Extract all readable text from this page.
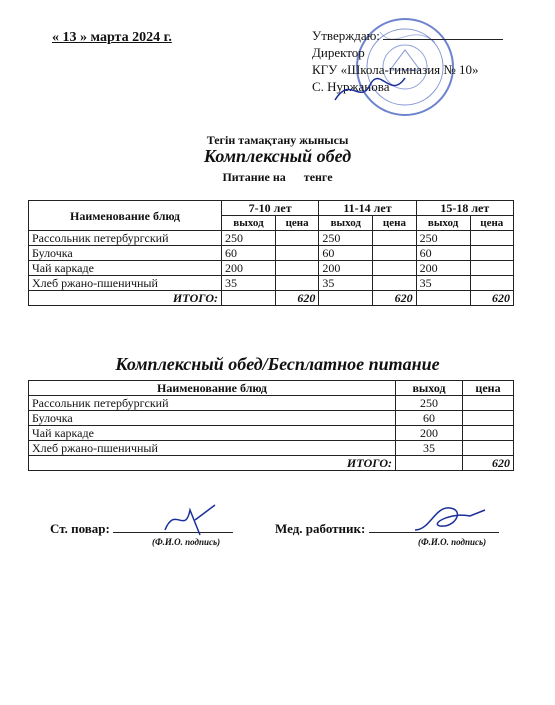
« 13 » марта 2024 г.	Утверждаю:
Директор
КГУ «Школа-гимназия № 10»
С. Нуржанова
Тегін тамақтану жынысы
Комплексный обед
Питание на      тенге
Наименование блюд	7-10 лет		11-14 лет		15-18 лет	
	выход	цена	выход	цена	выход	цена
Рассольник петербургский	250		250		250	
Булочка	60		60		60	
Чай каркаде	200		200		200	
Хлеб ржано-пшеничный	35		35		35	
ИТОГО:		620		620		620
Комплексный обед/Бесплатное питание
Наименование блюд	выход	цена
Рассольник петербургский	250	
Булочка	60	
Чай каркаде	200	
Хлеб ржано-пшеничный	35	
ИТОГО:		620
Ст. повар:
(Ф.И.О. подпись)
Мед. работник:
(Ф.И.О. подпись)
